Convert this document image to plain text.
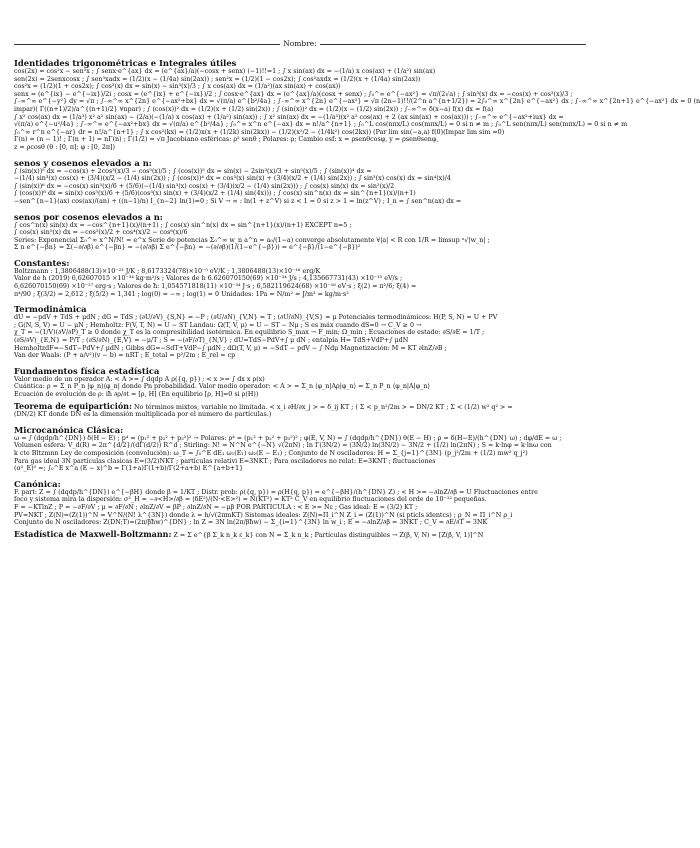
Nombre:
Identidades trigonométricas e Integrales útiles
cos(2x) = cos²x − sen²x ; ∫ senx·e^{ax} dx = (e^{ax}/a)(−cosx + senx) (−1)!!=1 ; ∫ x sin(ax) dx = −(1/a) x cos(ax) + (1/a²) sin(ax)
sen(2x) = 2senxcosx ; ∫ sen³xadx = (1/2)(x − (1/4a) sin(2ax)) ; sen²x = (1/2)(1 − cos2x); ∫ cos²axdx = (1/2)(x + (1/4a) sin(2ax))
cos²x = (1/2)(1 + cos2x); ∫ cos³(x) dx = sin(x) − sin³(x)/3 ; ∫ x cos(ax) dx = (1/a²)(ax sin(ax) + cos(ax))
senx = (e^{ix} − e^{−ix})/2i ; cosx = (e^{ix} + e^{−ix})/2 ; ∫ cosx·e^{ax} dx = (e^{ax}/a)(cosx + senx) ; ∫₀^∞ e^{−ax²} = √π/(2√a) ; ∫ sin³(x) dx = −cos(x) + cos³(x)/3 ;
∫₋∞^∞ e^{−y²} dy = √π ; ∫₋∞^∞ x^{2n} e^{−ax²+bx} dx = √(π/a) e^{b²/4a} ; ∫₋∞^∞ x^{2n} e^{−ax²} = √π (2n−1)!!/(2^n a^{n+1/2}) = 2∫₀^∞ x^{2n} e^{−ax²} dx ; ∫₋∞^∞ x^{2n+1} e^{−ax²} dx = 0 (n
impar)( Γ((n+1)/2)/a^{(n+1)/2} ∀npar) ; ∫ (cos(x))² dx = (1/2)(x + (1/2) sin(2x)) ; ∫ (sin(x))² dx = (1/2)(x − (1/2) sin(2x)) ; ∫₋∞^∞ δ(x−a) f(x) dx = f(a)
∫ x² cos(ax) dx = (1/a³) x² a² sin(ax) − (2/a)(−(1/a) x cos(ax) + (1/a²) sin(ax)) ; ∫ x² sin(ax) dx = −(1/a³)(x² a² cos(ax) + 2 (ax sin(ax) + cos(ax))) ; ∫₋∞^∞ e^{−ax²+iux} dx =
√(π/a) e^{−u²/4a} ; ∫₋∞^∞ e^{−ax²+bx} dx = √(π/a) e^{b²/4a} ; ∫₀^∞ x^n e^{−ax} dx = n!/a^{n+1} ; ∫₀^L cos(nπx/L) cos(mπx/L) = 0 si n ≠ m ; ∫₀^L sen(nπx/L) sen(mπx/L) = 0 si n ≠ m
∫₀^∞ r^n e^{−ar} dr = n!/a^{n+1} ; ∫ x cos²(kx) = (1/2)x(x + (1/2k) sin(2kx)) − (1/2)(x²/2 − (1/4k²) cos(2kx)) (Par lim sin(−a,a) f(0)(Impar lim sim =0)
Γ(n) = (n − 1)! ; Γ(n + 1) = nΓ(n) ; Γ(1/2) = √π Jacobiano esféricas: ρ² senθ ; Polares: ρ; Cambio esf: x = ρsenθcosφ, y = ρsenθsenφ,
z = ρcosθ (θ : [0, π]; φ : [0, 2π])
senos y cosenos elevados a n:
∫ (sin(x))⁵ dx = −cos(x) + 2cos³(x)/3 − cos⁵(x)/5 ; ∫ (cos(x))⁵ dx = sin(x) − 2sin³(x)/3 + sin⁵(x)/5 ; ∫ (sin(x))⁴ dx =
−(1/4) sin³(x) cos(x) + (3/4)(x/2 − (1/4) sin(2x)) ; ∫ (cos(x))⁴ dx = cos³(x) sin(x) + (3/4)(x/2 + (1/4) sin(2x)) ; ∫ sin³(x) cos(x) dx = sin⁴(x)/4
∫ (sin(x))⁶ dx = −cos(x) sin⁵(x)/6 + (5/6)(−(1/4) sin³(x) cos(x) + (3/4)(x/2 − (1/4) sin(2x))) ; ∫ cos(x) sin(x) dx = sin²(x)/2
∫ (cos(x))⁶ dx = sin(x) cos⁵(x)/6 + (5/6)(cos³(x) sin(x) + (3/4)(x/2 + (1/4) sin(4x))) ; ∫ cos(x) sin^n(x) dx = sin^{n+1}(x)/(n+1)
−sen^{n−1}(ax) cos(ax)/(an) + ((n−1)/n) I_{n−2} ln(1)=0 ; Si V → ∞ : ln(1 + z^V) si z < 1 = 0 si z > 1 = ln(z^V) ; I_n = ∫ sen^n(ax) dx =
senos por cosenos elevados a n:
∫ cos^n(x) sin(x) dx = −cos^{n+1}(x)/(n+1) ; ∫ cos(x) sin^n(x) dx = sin^{n+1}(x)/(n+1) EXCEPT n=5 ;
∫ cos(x) sin⁵(x) dx = −cos²(x)/2 + cos⁴(x)/2 − cos⁶(x)/6
Series: Exponencial Σ₀^∞ x^N/N! = e^x Serie de potencias Σ₀^∞ w_n a^n = a₀/(1−a) converge absolutamente ∀|a| < R con 1/R = limsup ⁿ√|w_n| ;
Σ n e^{−βn} = Σ(−∂/∂β) e^{−βn} = −(∂/∂β) Σ e^{−βn} = −(∂/∂β)(1/(1−e^{−β})) = e^{−β}/(1−e^{−β})²
Constantes:
Boltzmann : 1,3806488(13)×10⁻²³ J/K ; 8,6173324(78)×10⁻⁵ eV/K ; 1,3806488(13)×10⁻¹⁶ erg/K
Valor de h (2019) 6,62607015 ×10⁻³⁴ kg·m²/s ; Valores de h 6.626070150(69) ×10⁻³⁴ J/s ; 4,135667731(43) ×10⁻¹⁵ eV/s ;
6,626070150(69) ×10⁻²⁷ erg·s ; Valores de ħ: 1,054571818(11) ×10⁻³⁴ J·s ; 6,582119624(68) ×10⁻¹⁶ eV·s ; ξ(2) = π²/6; ξ(4) =
π⁴/90 ; ξ(3/2) = 2,612 ; ξ(5/2) = 1,341 ; log(0) = −∞ ; log(1) = 0 Unidades: 1Pa = N/m² = J/m³ = kg/m·s²
Termodinámica
dU = −pdV + TdS + μdN ; dG = TdS ; (∂U/∂V)_{S,N} = −P ; (∂U/∂N)_{V,N} = T ; (∂U/∂N)_{V,S} = μ Potenciales termodinámicos: H(P, S, N) = U + PV
; G(N, S, V) = U − μN ; Hemholtz: F(V, T, N) = U − ST Landau: Ω(T, V, μ) = U − ST − Nμ ; S es máx cuando dS=0 → C_V ≥ 0 →
χ_T = −(1/V)(∂V/∂P)_T ≥ 0 donde χ_T es la compresibilidad isotérmica. En equilibrio S_max → F_min; Ω_min ; Ecuaciones de estado: ∂S/∂E = 1/T ;
(∂S/∂V)_{E,N} = P/T ; (∂S/∂N)_{E,V} = −μ/T ; S = −(∂F/∂T)_{N,V} ; dU=TdS−PdV+∫ μ dN ; entalpía H= TdS+VdP+∫ μdN
HemholtzdF=−SdT−PdV+∫ μdN ; Gibbs dG=−SdT+VdP−∫ μdN ; dΩ(T, V, μ) = −SdT − pdV − ∫ Ndμ Magnetización: M = KT ∂lnZ/∂B ;
Van der Waals: (P + a/v²)(v − b) = nRT ; E_total = p²/2m ; E_rel = cp
Fundamentos física estadística
Valor medio de un operador A: < A >= ∫ dqdp A ρ({q, p}) ; < x >= ∫ dx x ρ(x)
Cuántica: ρ = Σ_n P_n |φ_n⟩⟨φ_n| donde Pn probabilidad. Valor medio operador: < A > = Σ_n ⟨φ_n|Aρ|φ_n⟩ = Σ_n P_n ⟨φ_n|A|φ_n⟩
Ecuación de evolución de ρ: iħ ∂ρ/∂t = [ρ, H] (En equilibrio [ρ, H]=0 si ρ(H))
Teorema de equipartición: No términos mixtos, variable no limitada. < x_i ∂H/∂x_j > = δ_ij KT ; ( Σ < p_n²/2m > = DN/2 KT ; Σ < (1/2) w² q² > =
(DN/2) KT donde DN es la dimensión multiplicada por el número de partículas.)
Microcanónica Clásica:
ω = ∫ (dqdp/h^{DN}) δ(H − E) ; p⁴ = (p₁² + p₂² + p₃²)² → Polares: ρ⁴ = (p₁² + p₂² + p₃²)² ; φ(E, V, N) = ∫ (dqdp/h^{DN}) θ(E − H) ; ρ = δ(H−E)/(h^{DN} ω) ; dφ/dE = ω ;
Volumen esfera: V_d(R) = 2π^{d/2}/(dΓ(d/2)) R^d ; Stirling: N! = N^N e^{−N} √(2πN) ; ln Γ(3N/2) = (3N/2) ln(3N/2) − 3N/2 + (1/2) ln(2πN) ; S = k·lnφ = k·lnω con
k cte Bltzmnn Ley de composición (convolución): ω_T = ∫₀^E dE₁ ω₁(E₁) ω₂(E − E₁) ; Conjunto de N osciladores: H = Σ_{j=1}^{3N} (p_j²/2m + (1/2) mw² q_j²)
Para gas ideal 3N partículas clasicas E=(3/2)NKT ; partículas relativi E=3NKT ; Para osciladores no relat: E=3KNT ; fluctuaciones
(σ²_E)⁰ =; ∫₀^E x^a (E − x)^b = Γ(1+a)Γ(1+b)/Γ(2+a+b) E^{a+b+1}
Canónica:
F. part: Z = ∫ (dqdp/h^{DN}) e^{−βH} donde β = 1/KT ; Distr. prob: ρ({q, p}) = ρ(H{q, p}) = e^{−βH}/(h^{DN} Z) ; < H >= −∂lnZ/∂β = U Fluctuaciones entre
foco y sistema mira la dispersión: σ²_H = −∂<H>/∂β = ⟨δE²⟩/(N·<E>²) = N(KT²) = KT² C_V en equilibrio fluctuaciones del orde de 10⁻¹² pequeñas.
F = −KTlnZ ; P = −∂F/∂V ; μ = ∂F/∂N ; ∂lnZ/∂V = βP ; ∂lnZ/∂N = −μβ POR PARTICULA : < E >= Nε ; Gas ideal: E = (3/2) KT ;
PV=NKT ; Z(N)=(Z(1))^N = V^N/(N! λ^{3N}) donde λ = h/√(2πmKT) Sistemas ideales: Z(N)=Π_i^N Z_i = (Z(1))^N (si pticls identcs) ; ρ_N = Π_i^N ρ_i
Conjunto de N osciladores: Z(DN;T)=(2π/βħw)^{DN} ; ln Z = 3N ln(2π/βħw) − Σ_{i=1}^{3N} ln w_i ; E = −∂lnZ/∂β = 3NKT ; C_V = ∂E/∂T = 3NK
Estadística de Maxwell-Boltzmann: Z = Σ e^{β Σ_k n_k ε_k} con N = Σ_k n_k ; Partículas distinguibles → Z(β, V, N) = [Z(β, V, 1)]^N
